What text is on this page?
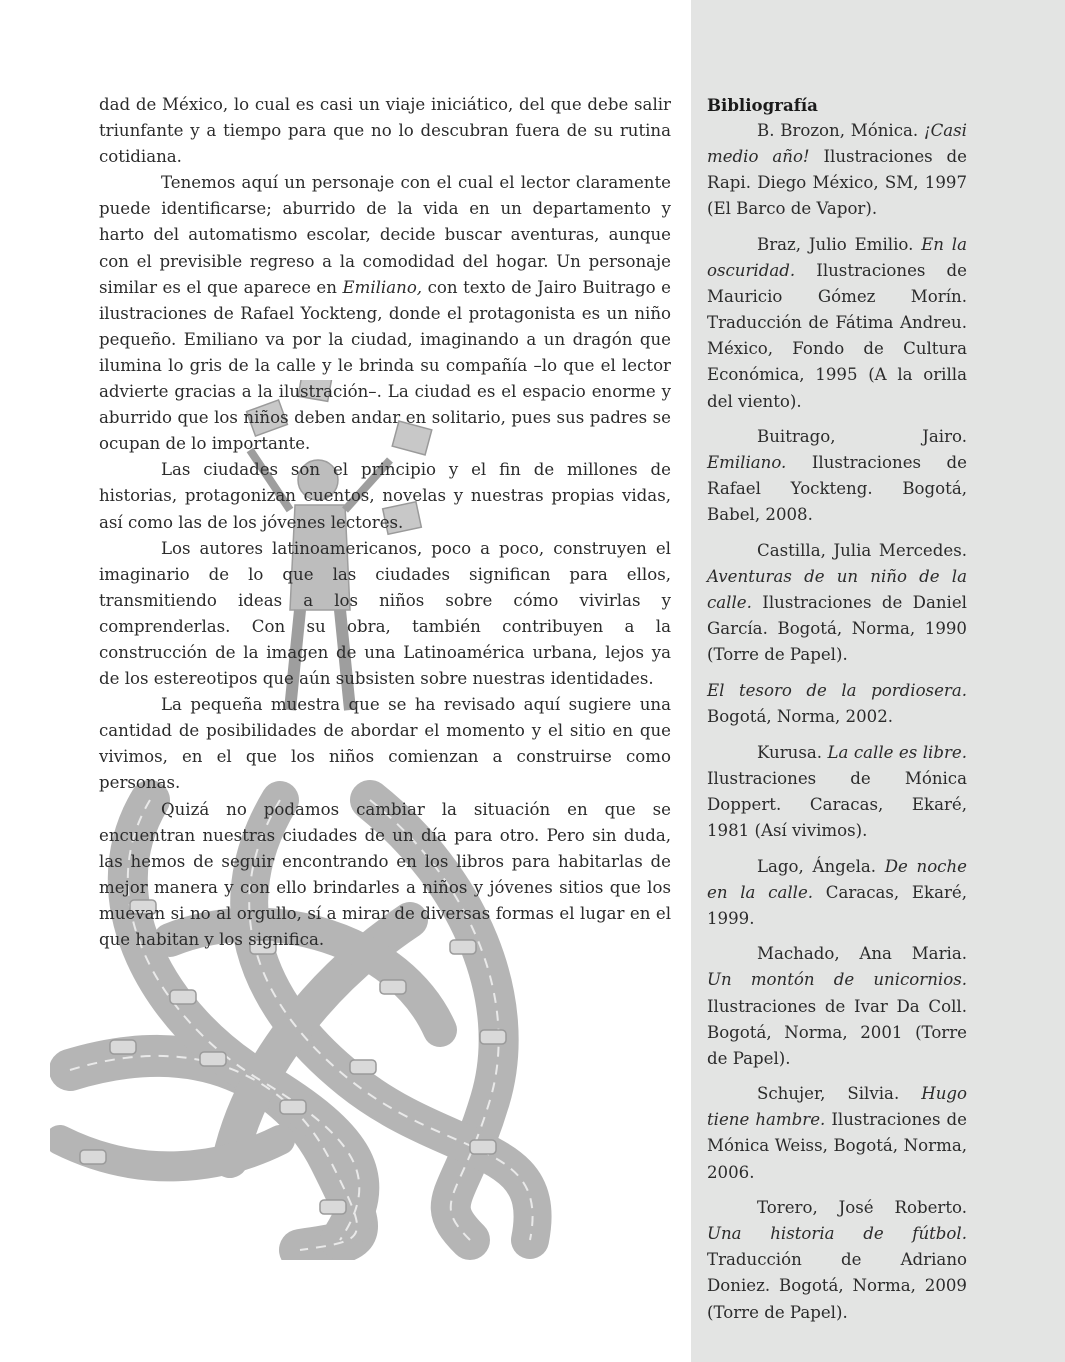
dad de México, lo cual es casi un viaje iniciático, del que debe salir triunfante y a tiempo para que no lo descubran fuera de su rutina cotidiana.

Tenemos aquí un personaje con el cual el lector claramente puede identificarse; aburrido de la vida en un departamento y harto del automatismo escolar, decide buscar aventuras, aunque con el previsible regreso a la comodidad del hogar. Un personaje similar es el que aparece en Emiliano, con texto de Jairo Buitrago e ilustraciones de Rafael Yockteng, donde el protagonista es un niño pequeño. Emiliano va por la ciudad, imaginando a un dragón que ilumina lo gris de la calle y le brinda su compañía –lo que el lector advierte gracias a la ilustración–. La ciudad es el espacio enorme y aburrido que los niños deben andar en solitario, pues sus padres se ocupan de lo importante.

Las ciudades son el principio y el fin de millones de historias, protagonizan cuentos, novelas y nuestras propias vidas, así como las de los jóvenes lectores.

Los autores latinoamericanos, poco a poco, construyen el imaginario de lo que las ciudades significan para ellos, transmitiendo ideas a los niños sobre cómo vivirlas y comprenderlas. Con su obra, también contribuyen a la construcción de la imagen de una Latinoamérica urbana, lejos ya de los estereotipos que aún subsisten sobre nuestras identidades.

La pequeña muestra que se ha revisado aquí sugiere una cantidad de posibilidades de abordar el momento y el sitio en que vivimos, en el que los niños comienzan a construirse como personas.

Quizá no podamos cambiar la situación en que se encuentran nuestras ciudades de un día para otro. Pero sin duda, las hemos de seguir encontrando en los libros para habitarlas de mejor manera y con ello brindarles a niños y jóvenes sitios que los muevan si no al orgullo, sí a mirar de diversas formas el lugar en el que habitan y los significa.

Bibliografía

B. Brozon, Mónica. ¡Casi medio año! Ilustraciones de Rapi. Diego México, SM, 1997 (El Barco de Vapor).

Braz, Julio Emilio. En la oscuridad. Ilustraciones de Mauricio Gómez Morín. Traducción de Fátima Andreu. México, Fondo de Cultura Económica, 1995 (A la orilla del viento).

Buitrago, Jairo. Emiliano. Ilustraciones de Rafael Yockteng. Bogotá, Babel, 2008.

Castilla, Julia Mercedes. Aventuras de un niño de la calle. Ilustraciones de Daniel García. Bogotá, Norma, 1990 (Torre de Papel).

El tesoro de la pordiosera. Bogotá, Norma, 2002.

Kurusa. La calle es libre. Ilustraciones de Mónica Doppert. Caracas, Ekaré, 1981 (Así vivimos).

Lago, Ángela. De noche en la calle. Caracas, Ekaré, 1999.

Machado, Ana Maria. Un montón de unicornios. Ilustraciones de Ivar Da Coll. Bogotá, Norma, 2001 (Torre de Papel).

Schujer, Silvia. Hugo tiene hambre. Ilustraciones de Mónica Weiss, Bogotá, Norma, 2006.

Torero, José Roberto. Una historia de fútbol. Traducción de Adriano Doniez. Bogotá, Norma, 2009 (Torre de Papel).
